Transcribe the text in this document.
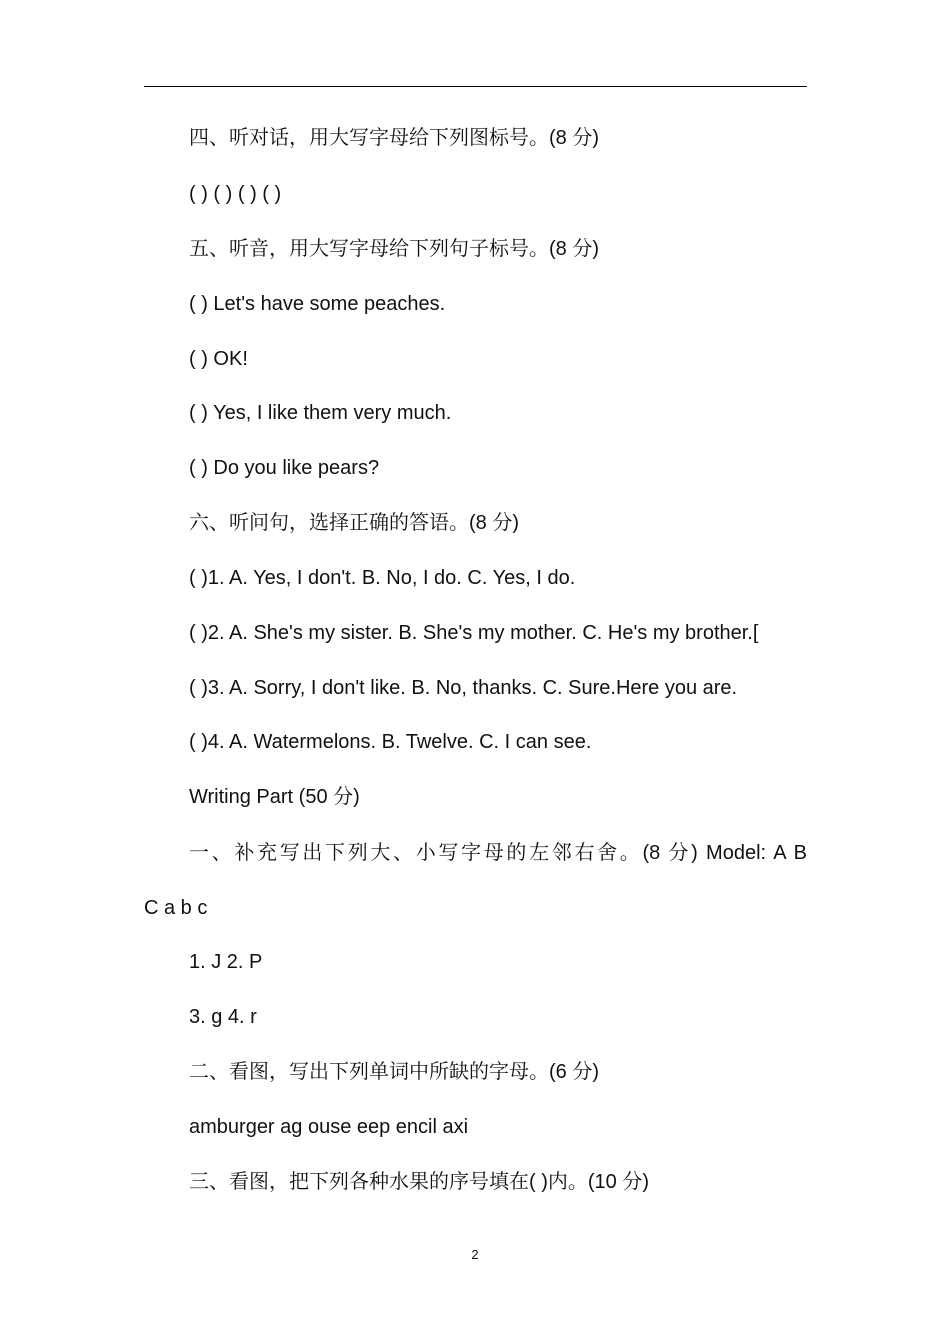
四、听对话，用大写字母给下列图标号。(8 分)
( ) ( ) ( ) ( )
五、听音，用大写字母给下列句子标号。(8 分)
( ) Let's have some peaches.
( ) OK!
( ) Yes, I like them very much.
( ) Do you like pears?
六、听问句，选择正确的答语。(8 分)
( )1. A. Yes, I don't. B. No, I do. C. Yes, I do.
( )2. A. She's my sister. B. She's my mother. C. He's my brother.[
( )3. A. Sorry, I don't like. B. No, thanks. C. Sure.Here you are.
( )4. A. Watermelons. B. Twelve. C. I can see.
Writing Part (50 分)
一、补充写出下列大、小写字母的左邻右舍。(8 分) Model: A B
C a b c
1. J 2. P
3. g 4. r
二、看图，写出下列单词中所缺的字母。(6 分)
amburger ag ouse eep encil axi
三、看图，把下列各种水果的序号填在( )内。(10 分)
2
